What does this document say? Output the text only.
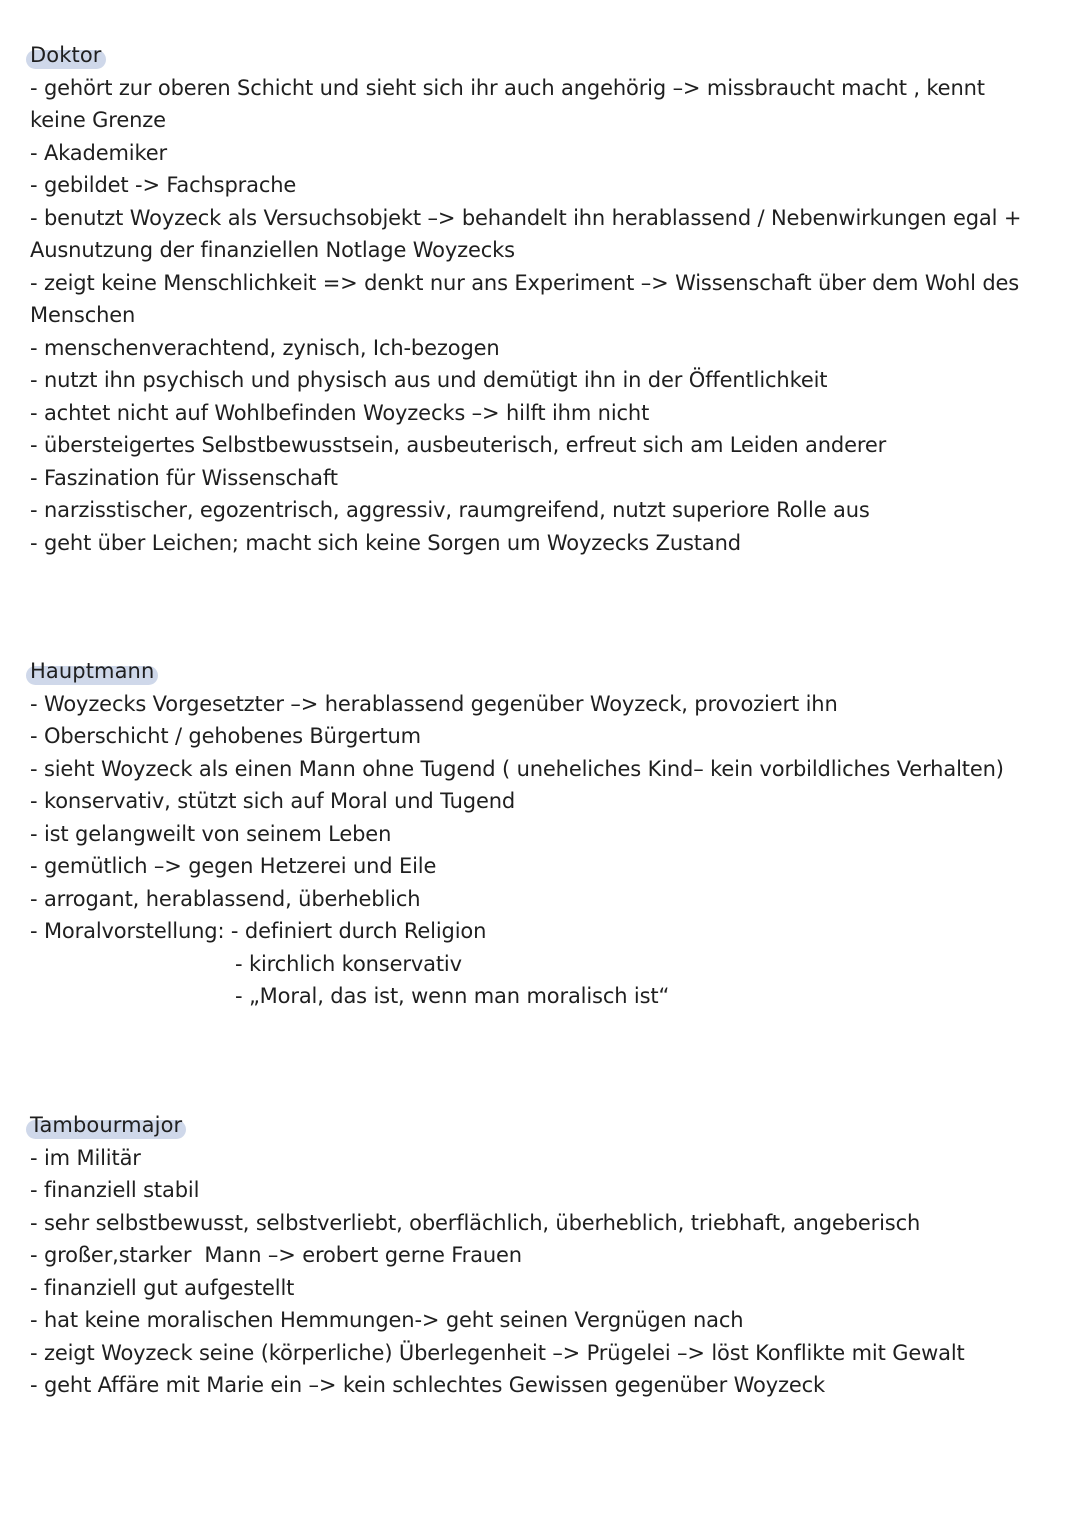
Doktor
- gehört zur oberen Schicht und sieht sich ihr auch angehörig –> missbraucht macht , kennt
keine Grenze
- Akademiker
- gebildet -> Fachsprache
- benutzt Woyzeck als Versuchsobjekt –> behandelt ihn herablassend / Nebenwirkungen egal +
Ausnutzung der finanziellen Notlage Woyzecks
- zeigt keine Menschlichkeit => denkt nur ans Experiment –> Wissenschaft über dem Wohl des
Menschen
- menschenverachtend, zynisch, Ich-bezogen
- nutzt ihn psychisch und physisch aus und demütigt ihn in der Öffentlichkeit
- achtet nicht auf Wohlbefinden Woyzecks –> hilft ihm nicht
- übersteigertes Selbstbewusstsein, ausbeuterisch, erfreut sich am Leiden anderer
- Faszination für Wissenschaft
- narzisstischer, egozentrisch, aggressiv, raumgreifend, nutzt superiore Rolle aus
- geht über Leichen; macht sich keine Sorgen um Woyzecks Zustand
Hauptmann
- Woyzecks Vorgesetzter –> herablassend gegenüber Woyzeck, provoziert ihn
- Oberschicht / gehobenes Bürgertum
- sieht Woyzeck als einen Mann ohne Tugend ( uneheliches Kind– kein vorbildliches Verhalten)
- konservativ, stützt sich auf Moral und Tugend
- ist gelangweilt von seinem Leben
- gemütlich –> gegen Hetzerei und Eile
- arrogant, herablassend, überheblich
- Moralvorstellung: - definiert durch Religion
- kirchlich konservativ
- „Moral, das ist, wenn man moralisch ist“
Tambourmajor
- im Militär
- finanziell stabil
- sehr selbstbewusst, selbstverliebt, oberflächlich, überheblich, triebhaft, angeberisch
- großer,starker  Mann –> erobert gerne Frauen
- finanziell gut aufgestellt
- hat keine moralischen Hemmungen-> geht seinen Vergnügen nach
- zeigt Woyzeck seine (körperliche) Überlegenheit –> Prügelei –> löst Konflikte mit Gewalt
- geht Affäre mit Marie ein –> kein schlechtes Gewissen gegenüber Woyzeck
